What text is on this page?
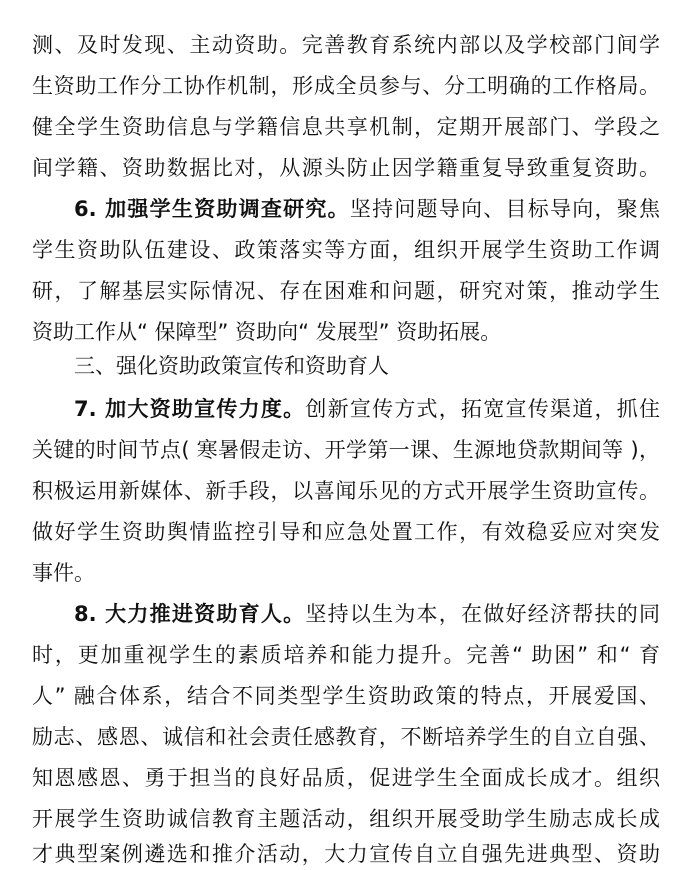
测、及时发现、主动资助。完善教育系统内部以及学校部门间学
生资助工作分工协作机制，形成全员参与、分工明确的工作格局。
健全学生资助信息与学籍信息共享机制，定期开展部门、学段之
间学籍、资助数据比对，从源头防止因学籍重复导致重复资助。
6. 加强学生资助调查研究。坚持问题导向、目标导向，聚焦
学生资助队伍建设、政策落实等方面，组织开展学生资助工作调
研，了解基层实际情况、存在困难和问题，研究对策，推动学生
资助工作从“ 保障型” 资助向“ 发展型” 资助拓展。
三、强化资助政策宣传和资助育人
7. 加大资助宣传力度。创新宣传方式，拓宽宣传渠道，抓住
关键的时间节点( 寒暑假走访、开学第一课、生源地贷款期间等 )，
积极运用新媒体、新手段，以喜闻乐见的方式开展学生资助宣传。
做好学生资助舆情监控引导和应急处置工作，有效稳妥应对突发
事件。
8. 大力推进资助育人。坚持以生为本，在做好经济帮扶的同
时，更加重视学生的素质培养和能力提升。完善“ 助困” 和“ 育
人” 融合体系，结合不同类型学生资助政策的特点，开展爱国、
励志、感恩、诚信和社会责任感教育，不断培养学生的自立自强、
知恩感恩、勇于担当的良好品质，促进学生全面成长成才。组织
开展学生资助诚信教育主题活动，组织开展受助学生励志成长成
才典型案例遴选和推介活动，大力宣传自立自强先进典型、资助
